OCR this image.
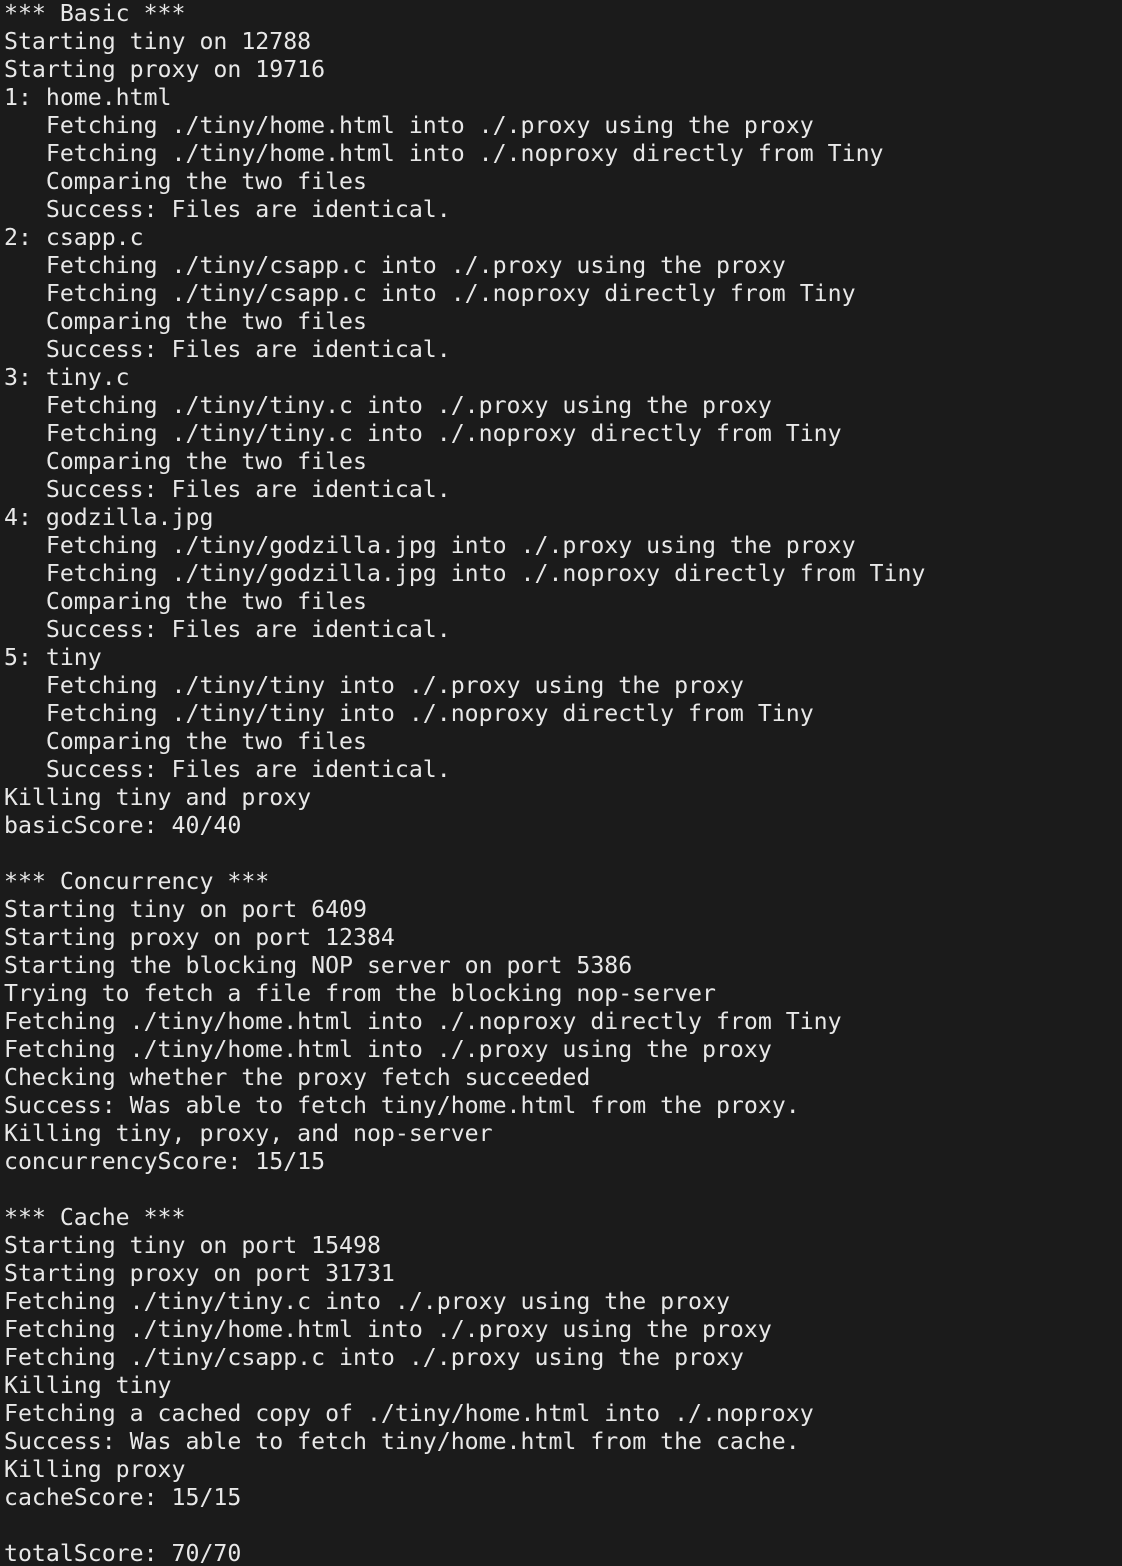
*** Basic ***
Starting tiny on 12788
Starting proxy on 19716
1: home.html
Fetching ./tiny/home.html into ./.proxy using the proxy
Fetching ./tiny/home.html into ./.noproxy directly from Tiny
Comparing the two files
Success: Files are identical.
2: csapp.c
Fetching ./tiny/csapp.c into ./.proxy using the proxy
Fetching ./tiny/csapp.c into ./.noproxy directly from Tiny
Comparing the two files
Success: Files are identical.
3: tiny.c
Fetching ./tiny/tiny.c into ./.proxy using the proxy
Fetching ./tiny/tiny.c into ./.noproxy directly from Tiny
Comparing the two files
Success: Files are identical.
4: godzilla.jpg
Fetching ./tiny/godzilla.jpg into ./.proxy using the proxy
Fetching ./tiny/godzilla.jpg into ./.noproxy directly from Tiny
Comparing the two files
Success: Files are identical.
5: tiny
Fetching ./tiny/tiny into ./.proxy using the proxy
Fetching ./tiny/tiny into ./.noproxy directly from Tiny
Comparing the two files
Success: Files are identical.
Killing tiny and proxy
basicScore: 40/40
*** Concurrency ***
Starting tiny on port 6409
Starting proxy on port 12384
Starting the blocking NOP server on port 5386
Trying to fetch a file from the blocking nop-server
Fetching ./tiny/home.html into ./.noproxy directly from Tiny
Fetching ./tiny/home.html into ./.proxy using the proxy
Checking whether the proxy fetch succeeded
Success: Was able to fetch tiny/home.html from the proxy.
Killing tiny, proxy, and nop-server
concurrencyScore: 15/15
*** Cache ***
Starting tiny on port 15498
Starting proxy on port 31731
Fetching ./tiny/tiny.c into ./.proxy using the proxy
Fetching ./tiny/home.html into ./.proxy using the proxy
Fetching ./tiny/csapp.c into ./.proxy using the proxy
Killing tiny
Fetching a cached copy of ./tiny/home.html into ./.noproxy
Success: Was able to fetch tiny/home.html from the cache.
Killing proxy
cacheScore: 15/15
totalScore: 70/70
